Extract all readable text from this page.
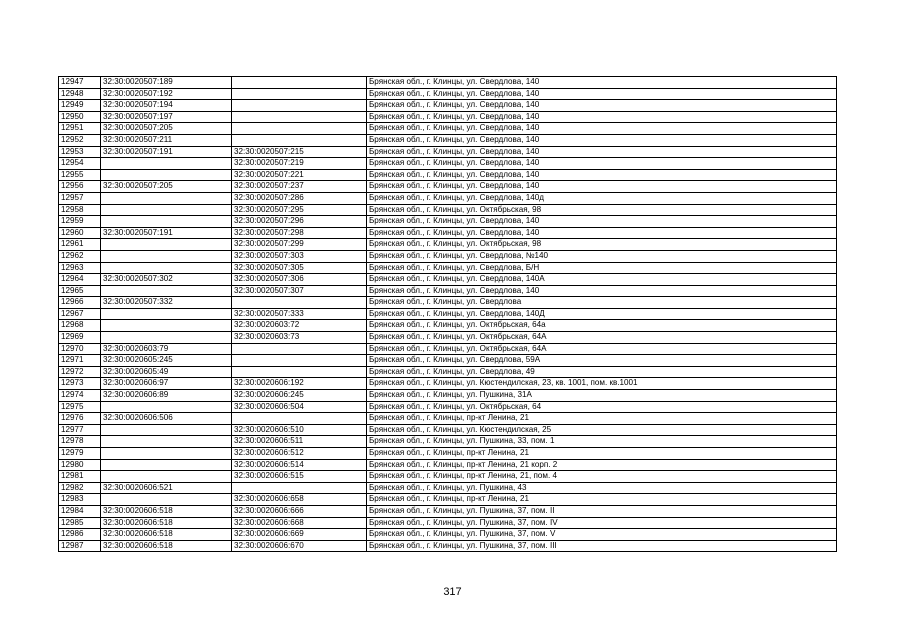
12947	32:30:0020507:189		Брянская обл., г. Клинцы, ул. Свердлова, 140
12948	32:30:0020507:192		Брянская обл., г. Клинцы, ул. Свердлова, 140
12949	32:30:0020507:194		Брянская обл., г. Клинцы, ул. Свердлова, 140
12950	32:30:0020507:197		Брянская обл., г. Клинцы, ул. Свердлова, 140
12951	32:30:0020507:205		Брянская обл., г. Клинцы, ул. Свердлова, 140
12952	32:30:0020507:211		Брянская обл., г. Клинцы, ул. Свердлова, 140
12953	32:30:0020507:191	32:30:0020507:215	Брянская обл., г. Клинцы, ул. Свердлова, 140
12954		32:30:0020507:219	Брянская обл., г. Клинцы, ул. Свердлова, 140
12955		32:30:0020507:221	Брянская обл., г. Клинцы, ул. Свердлова, 140
12956	32:30:0020507:205	32:30:0020507:237	Брянская обл., г. Клинцы, ул. Свердлова, 140
12957		32:30:0020507:286	Брянская обл., г. Клинцы, ул. Свердлова, 140д
12958		32:30:0020507:295	Брянская обл., г. Клинцы, ул. Октябрьская, 98
12959		32:30:0020507:296	Брянская обл., г. Клинцы, ул. Свердлова, 140
12960	32:30:0020507:191	32:30:0020507:298	Брянская обл., г. Клинцы, ул. Свердлова, 140
12961		32:30:0020507:299	Брянская обл., г. Клинцы, ул. Октябрьская, 98
12962		32:30:0020507:303	Брянская обл., г. Клинцы, ул. Свердлова, №140
12963		32:30:0020507:305	Брянская обл., г. Клинцы, ул. Свердлова, Б/Н
12964	32:30:0020507:302	32:30:0020507:306	Брянская обл., г. Клинцы, ул. Свердлова, 140А
12965		32:30:0020507:307	Брянская обл., г. Клинцы, ул. Свердлова, 140
12966	32:30:0020507:332		Брянская обл., г. Клинцы, ул. Свердлова
12967		32:30:0020507:333	Брянская обл., г. Клинцы, ул. Свердлова, 140Д
12968		32:30:0020603:72	Брянская обл., г. Клинцы, ул. Октябрьская, 64а
12969		32:30:0020603:73	Брянская обл., г. Клинцы, ул. Октябрьская, 64А
12970	32:30:0020603:79		Брянская обл., г. Клинцы, ул. Октябрьская, 64А
12971	32:30:0020605:245		Брянская обл., г. Клинцы, ул. Свердлова, 59А
12972	32:30:0020605:49		Брянская обл., г. Клинцы, ул. Свердлова, 49
12973	32:30:0020606:97	32:30:0020606:192	Брянская обл., г. Клинцы, ул. Кюстендилская, 23, кв. 1001, пом. кв.1001
12974	32:30:0020606:89	32:30:0020606:245	Брянская обл., г. Клинцы, ул. Пушкина, 31А
12975		32:30:0020606:504	Брянская обл., г. Клинцы, ул. Октябрьская, 64
12976	32:30:0020606:506		Брянская обл., г. Клинцы, пр-кт Ленина, 21
12977		32:30:0020606:510	Брянская обл., г. Клинцы, ул. Кюстендилская, 25
12978		32:30:0020606:511	Брянская обл., г. Клинцы, ул. Пушкина, 33, пом. 1
12979		32:30:0020606:512	Брянская обл., г. Клинцы, пр-кт Ленина, 21
12980		32:30:0020606:514	Брянская обл., г. Клинцы, пр-кт Ленина, 21 корп. 2
12981		32:30:0020606:515	Брянская обл., г. Клинцы, пр-кт Ленина, 21, пом. 4
12982	32:30:0020606:521		Брянская обл., г. Клинцы, ул. Пушкина, 43
12983		32:30:0020606:658	Брянская обл., г. Клинцы, пр-кт Ленина, 21
12984	32:30:0020606:518	32:30:0020606:666	Брянская обл., г. Клинцы, ул. Пушкина, 37, пом. II
12985	32:30:0020606:518	32:30:0020606:668	Брянская обл., г. Клинцы, ул. Пушкина, 37, пом. IV
12986	32:30:0020606:518	32:30:0020606:669	Брянская обл., г. Клинцы, ул. Пушкина, 37, пом. V
12987	32:30:0020606:518	32:30:0020606:670	Брянская обл., г. Клинцы, ул. Пушкина, 37, пом. III
317
